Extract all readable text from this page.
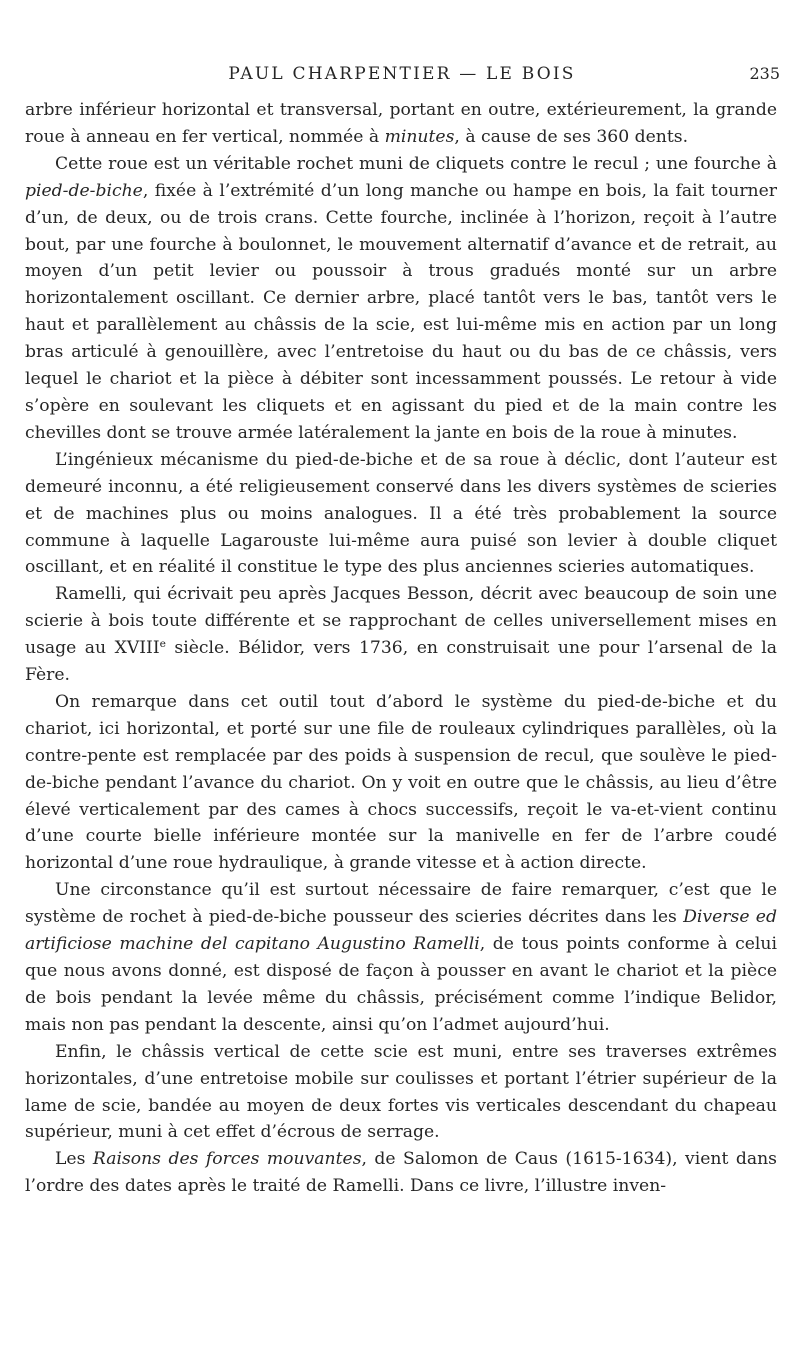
PAUL CHARPENTIER — LE BOIS	235

arbre inférieur horizontal et transversal, portant en outre, extérieurement, la grande roue à anneau en fer vertical, nommée à minutes, à cause de ses 360 dents.

Cette roue est un véritable rochet muni de cliquets contre le recul ; une fourche à pied-de-biche, fixée à l’extrémité d’un long manche ou hampe en bois, la fait tourner d’un, de deux, ou de trois crans. Cette fourche, inclinée à l’horizon, reçoit à l’autre bout, par une fourche à boulonnet, le mouvement alternatif d’avance et de retrait, au moyen d’un petit levier ou poussoir à trous gradués monté sur un arbre horizontalement oscillant. Ce dernier arbre, placé tantôt vers le bas, tantôt vers le haut et parallèlement au châssis de la scie, est lui-même mis en action par un long bras articulé à genouillère, avec l’entretoise du haut ou du bas de ce châssis, vers lequel le chariot et la pièce à débiter sont incessamment poussés. Le retour à vide s’opère en soulevant les cliquets et en agissant du pied et de la main contre les chevilles dont se trouve armée latéralement la jante en bois de la roue à minutes.

L’ingénieux mécanisme du pied-de-biche et de sa roue à déclic, dont l’auteur est demeuré inconnu, a été religieusement conservé dans les divers systèmes de scieries et de machines plus ou moins analogues. Il a été très probablement la source commune à laquelle Lagarouste lui-même aura puisé son levier à double cliquet oscillant, et en réalité il constitue le type des plus anciennes scieries automatiques.

Ramelli, qui écrivait peu après Jacques Besson, décrit avec beaucoup de soin une scierie à bois toute différente et se rapprochant de celles universellement mises en usage au XVIIIe siècle. Bélidor, vers 1736, en construisait une pour l’arsenal de la Fère.

On remarque dans cet outil tout d’abord le système du pied-de-biche et du chariot, ici horizontal, et porté sur une file de rouleaux cylindriques parallèles, où la contre-pente est remplacée par des poids à suspension de recul, que soulève le pied-de-biche pendant l’avance du chariot. On y voit en outre que le châssis, au lieu d’être élevé verticalement par des cames à chocs successifs, reçoit le va-et-vient continu d’une courte bielle inférieure montée sur la manivelle en fer de l’arbre coudé horizontal d’une roue hydraulique, à grande vitesse et à action directe.

Une circonstance qu’il est surtout nécessaire de faire remarquer, c’est que le système de rochet à pied-de-biche pousseur des scieries décrites dans les Diverse ed artificiose machine del capitano Augustino Ramelli, de tous points conforme à celui que nous avons donné, est disposé de façon à pousser en avant le chariot et la pièce de bois pendant la levée même du châssis, précisément comme l’indique Belidor, mais non pas pendant la descente, ainsi qu’on l’admet aujourd’hui.

Enfin, le châssis vertical de cette scie est muni, entre ses traverses extrêmes horizontales, d’une entretoise mobile sur coulisses et portant l’étrier supérieur de la lame de scie, bandée au moyen de deux fortes vis verticales descendant du chapeau supérieur, muni à cet effet d’écrous de serrage.

Les Raisons des forces mouvantes, de Salomon de Caus (1615-1634), vient dans l’ordre des dates après le traité de Ramelli. Dans ce livre, l’illustre inven-
